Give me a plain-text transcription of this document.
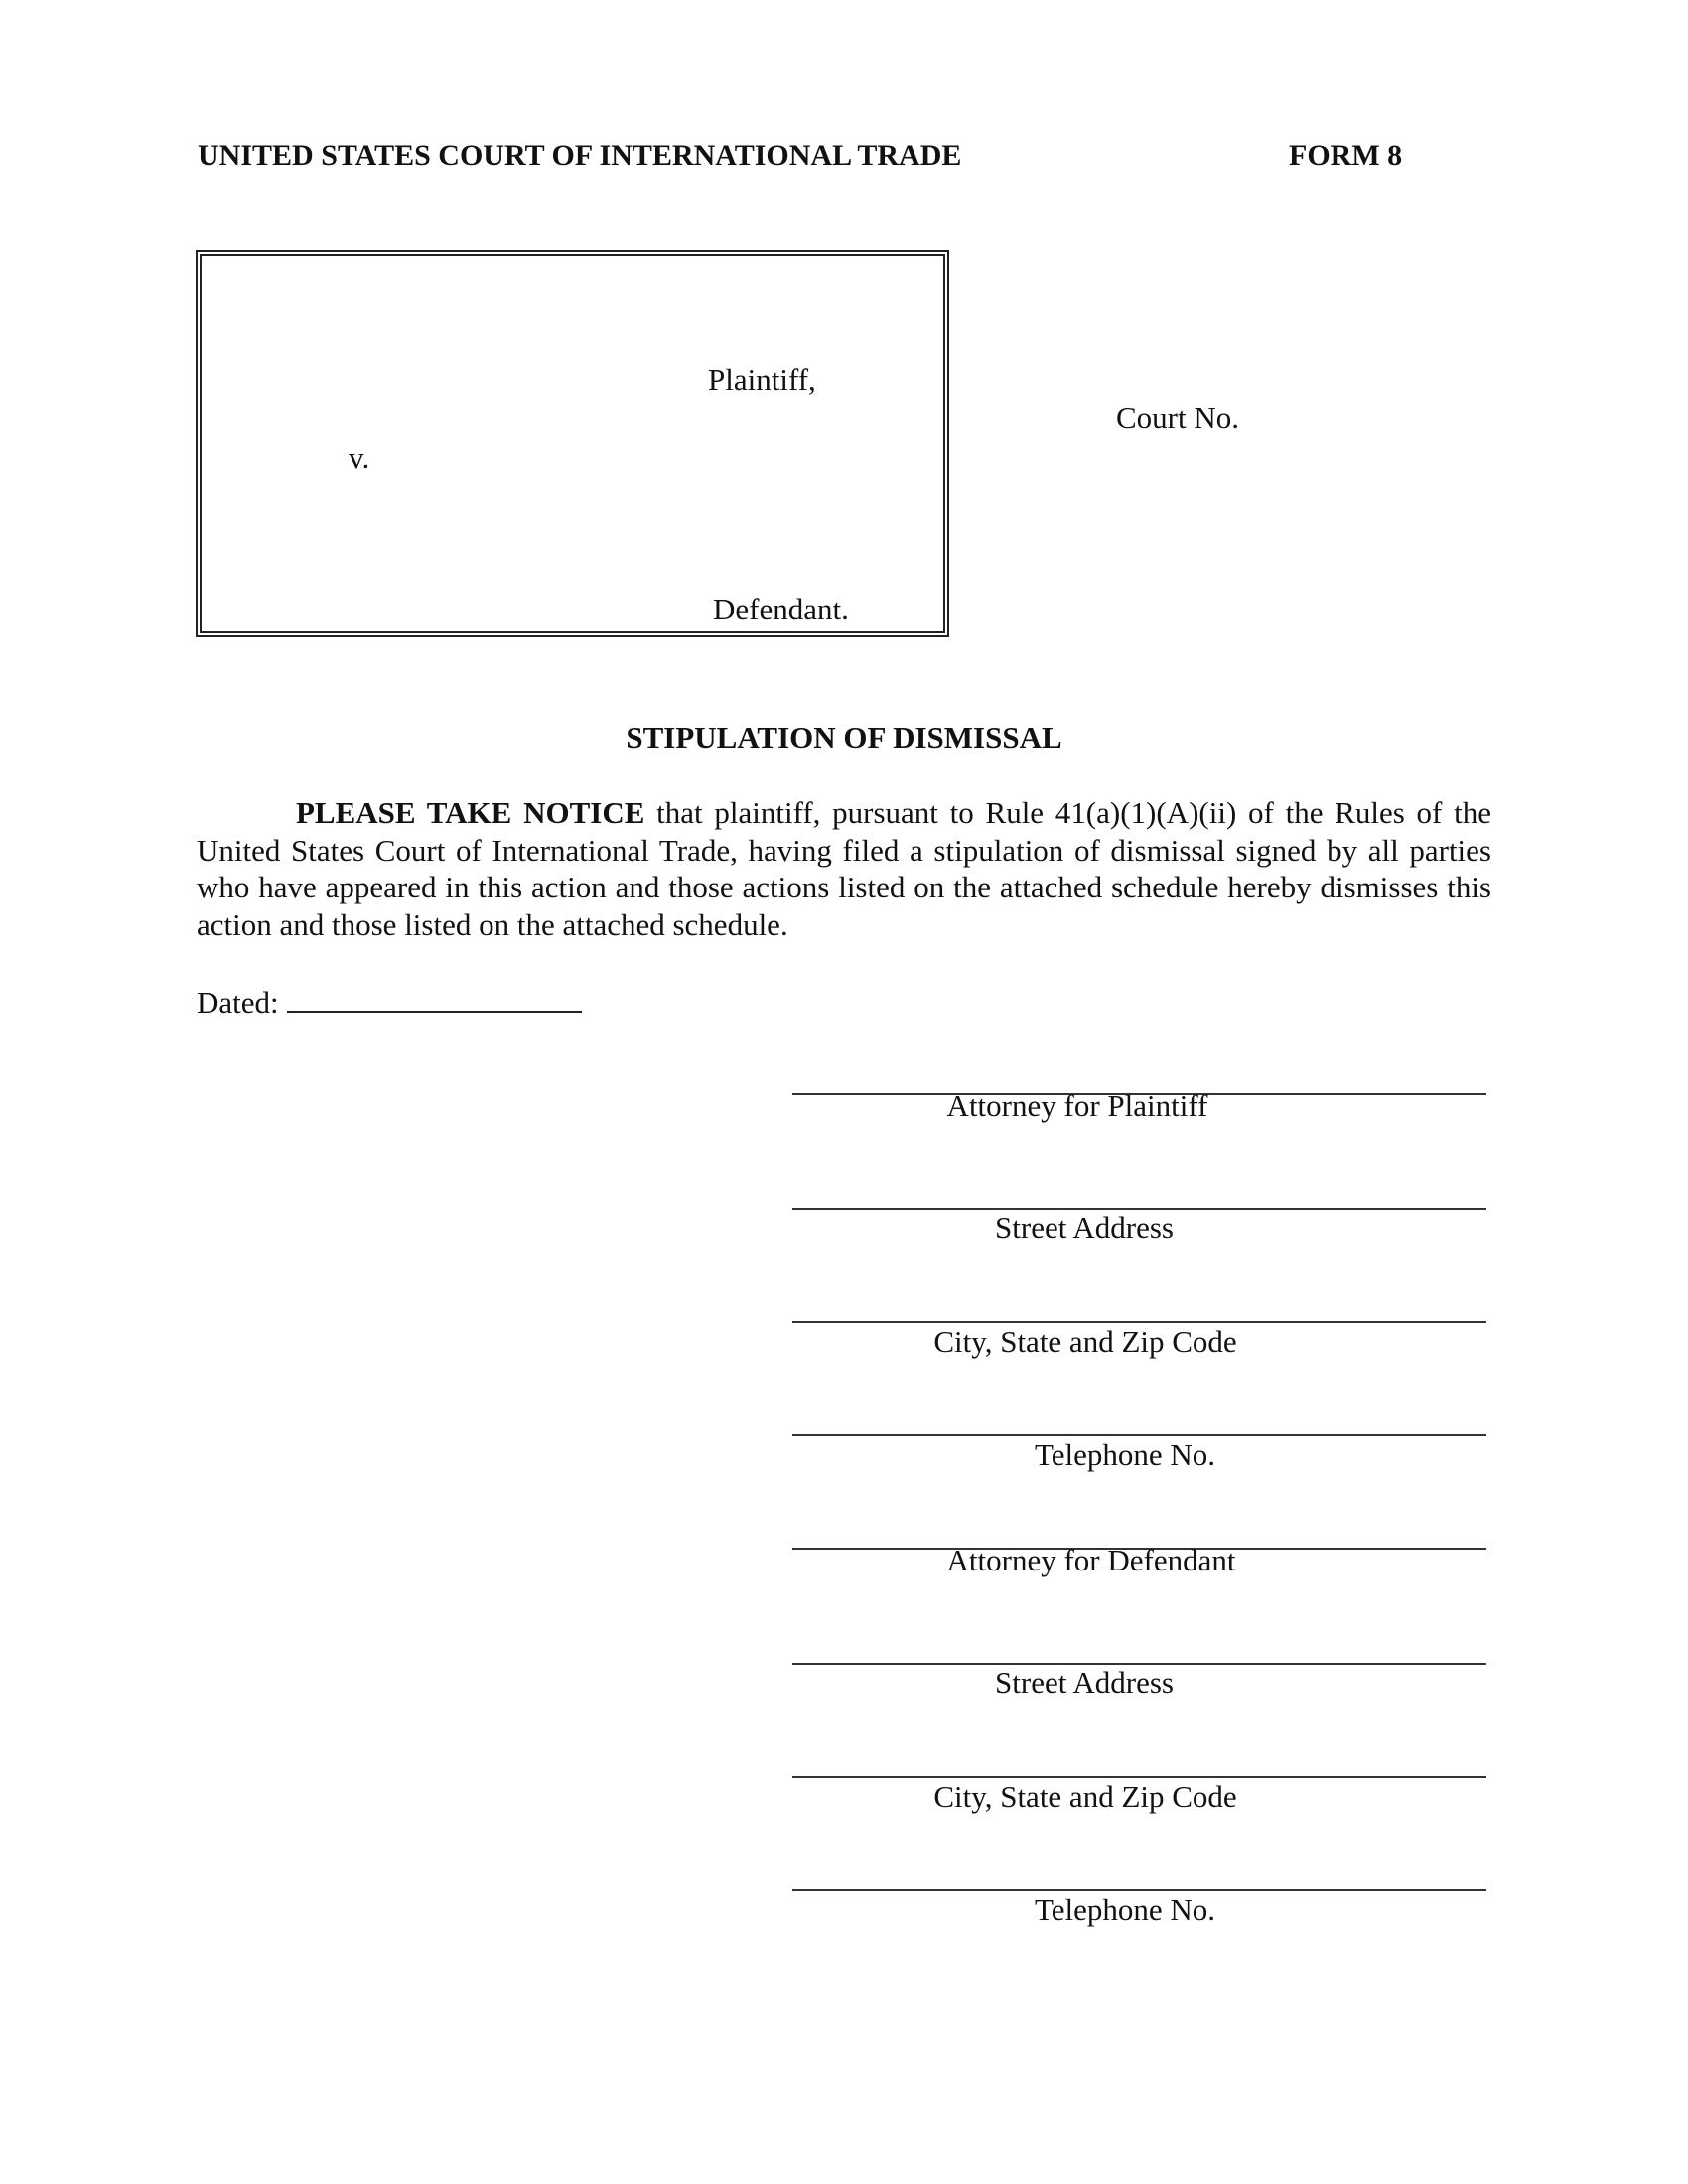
UNITED STATES COURT OF INTERNATIONAL TRADE	FORM 8
Plaintiff,
v.
Defendant.
Court No.
STIPULATION OF DISMISSAL
PLEASE TAKE NOTICE that plaintiff, pursuant to Rule 41(a)(1)(A)(ii) of the Rules of the United States Court of International Trade, having filed a stipulation of dismissal signed by all parties who have appeared in this action and those actions listed on the attached schedule hereby dismisses this action and those listed on the attached schedule.
Dated:
Attorney for Plaintiff
Street Address
City, State and Zip Code
Telephone No.
Attorney for Defendant
Street Address
City, State and Zip Code
Telephone No.
